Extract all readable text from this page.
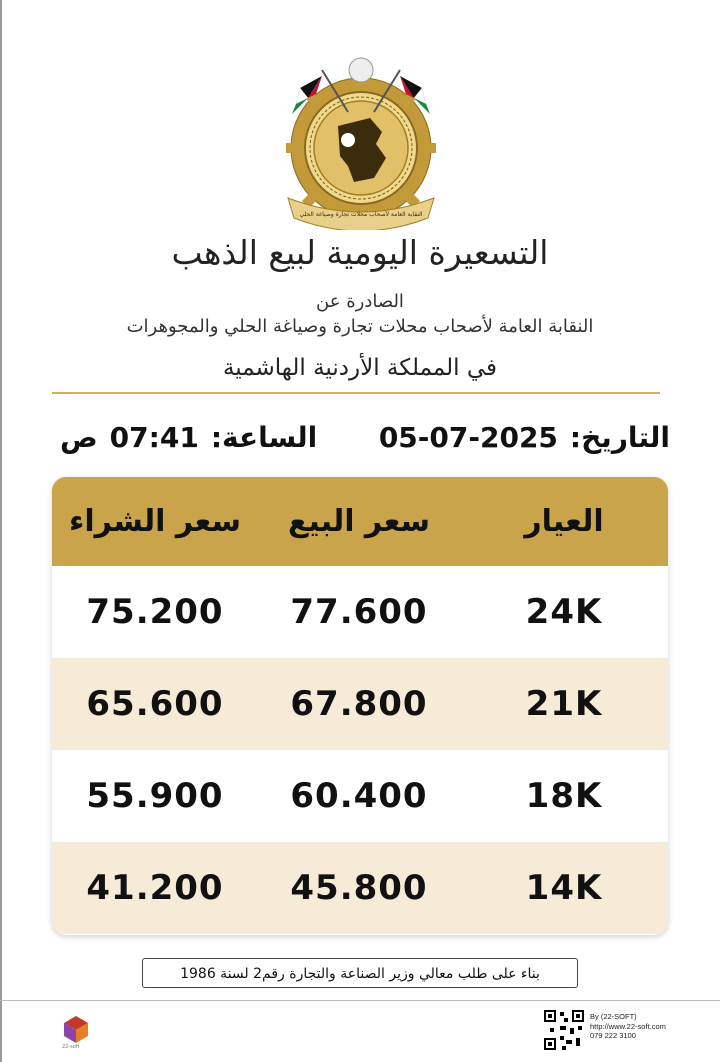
النقابة العامة لأصحاب محلات تجارة وصياغة الحلي
التسعيرة اليومية لبيع الذهب
الصادرة عن
النقابة العامة لأصحاب محلات تجارة وصياغة الحلي والمجوهرات
في المملكة الأردنية الهاشمية
التاريخ:05-07-2025
الساعة:07:41ص
العيار
سعر البيع
سعر الشراء
24K
77.600
75.200
21K
67.800
65.600
18K
60.400
55.900
14K
45.800
41.200
بناء على طلب معالي وزير الصناعة والتجارة رقم2 لسنة 1986
22-soft
By (22-SOFT)
http://www.22-soft.com
079 222 3100
